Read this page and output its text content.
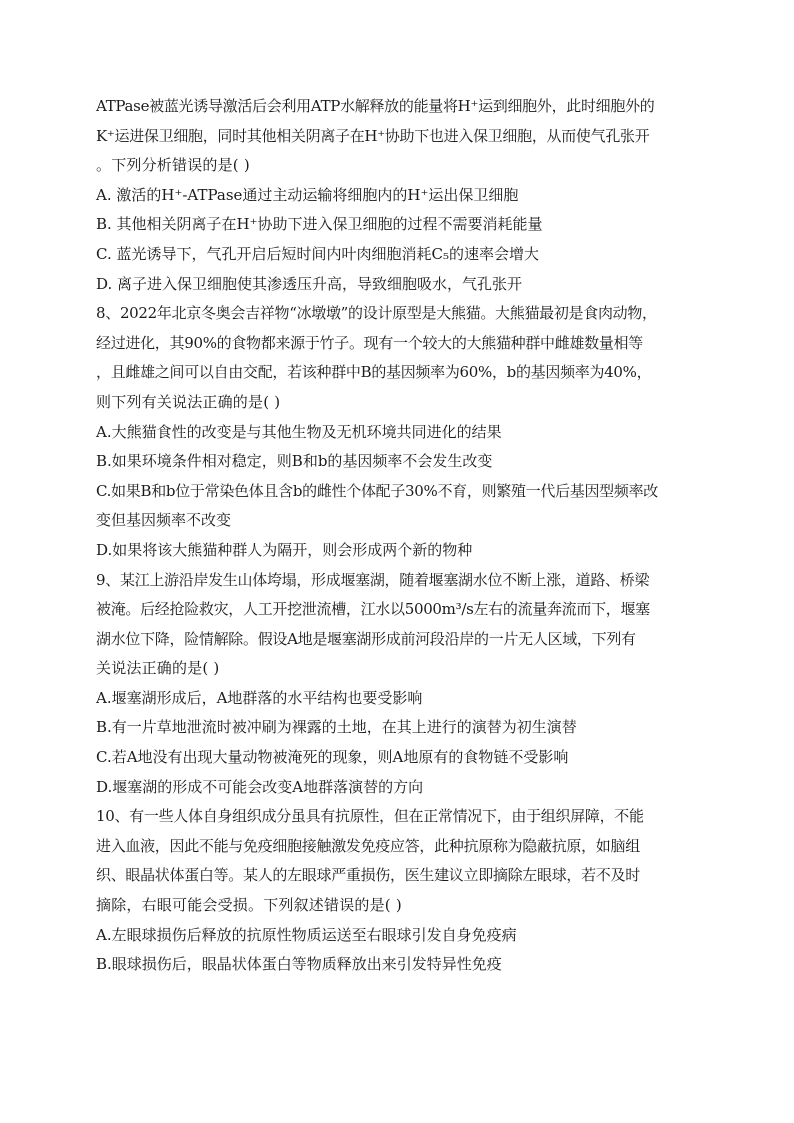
ATPase被蓝光诱导激活后会利用ATP水解释放的能量将H⁺运到细胞外，此时细胞外的
K⁺运进保卫细胞，同时其他相关阴离子在H⁺协助下也进入保卫细胞，从而使气孔张开
。下列分析错误的是( )
A. 激活的H⁺-ATPase通过主动运输将细胞内的H⁺运出保卫细胞
B. 其他相关阴离子在H⁺协助下进入保卫细胞的过程不需要消耗能量
C. 蓝光诱导下，气孔开启后短时间内叶肉细胞消耗C₅的速率会增大
D. 离子进入保卫细胞使其渗透压升高，导致细胞吸水，气孔张开
8、2022年北京冬奥会吉祥物“冰墩墩”的设计原型是大熊猫。大熊猫最初是食肉动物，
经过进化，其90%的食物都来源于竹子。现有一个较大的大熊猫种群中雌雄数量相等
，且雌雄之间可以自由交配，若该种群中B的基因频率为60%，b的基因频率为40%，
则下列有关说法正确的是( )
A.大熊猫食性的改变是与其他生物及无机环境共同进化的结果
B.如果环境条件相对稳定，则B和b的基因频率不会发生改变
C.如果B和b位于常染色体且含b的雌性个体配子30%不育，则繁殖一代后基因型频率改
变但基因频率不改变
D.如果将该大熊猫种群人为隔开，则会形成两个新的物种
9、某江上游沿岸发生山体垮塌，形成堰塞湖，随着堰塞湖水位不断上涨，道路、桥梁
被淹。后经抢险救灾，人工开挖泄流槽，江水以5000m³/s左右的流量奔流而下，堰塞
湖水位下降，险情解除。假设A地是堰塞湖形成前河段沿岸的一片无人区域，下列有
关说法正确的是( )
A.堰塞湖形成后，A地群落的水平结构也要受影响
B.有一片草地泄流时被冲刷为裸露的土地，在其上进行的演替为初生演替
C.若A地没有出现大量动物被淹死的现象，则A地原有的食物链不受影响
D.堰塞湖的形成不可能会改变A地群落演替的方向
10、有一些人体自身组织成分虽具有抗原性，但在正常情况下，由于组织屏障，不能
进入血液，因此不能与免疫细胞接触激发免疫应答，此种抗原称为隐蔽抗原，如脑组
织、眼晶状体蛋白等。某人的左眼球严重损伤，医生建议立即摘除左眼球，若不及时
摘除，右眼可能会受损。下列叙述错误的是( )
A.左眼球损伤后释放的抗原性物质运送至右眼球引发自身免疫病
B.眼球损伤后，眼晶状体蛋白等物质释放出来引发特异性免疫
